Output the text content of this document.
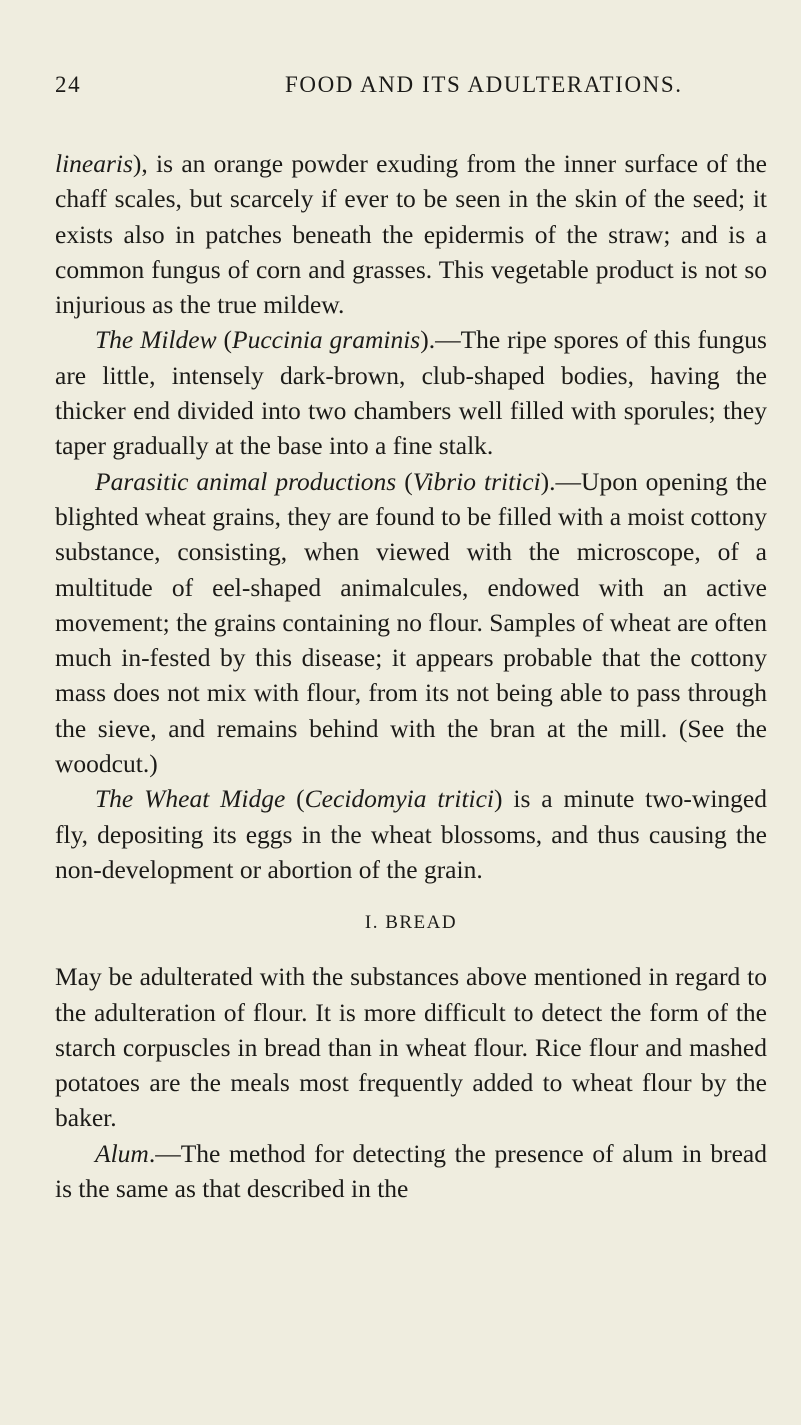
24	FOOD AND ITS ADULTERATIONS.

linearis), is an orange powder exuding from the inner surface of the chaff scales, but scarcely if ever to be seen in the skin of the seed; it exists also in patches beneath the epidermis of the straw; and is a common fungus of corn and grasses. This vegetable product is not so injurious as the true mildew.

The Mildew (Puccinia graminis).—The ripe spores of this fungus are little, intensely dark-brown, club-shaped bodies, having the thicker end divided into two chambers well filled with sporules; they taper gradually at the base into a fine stalk.

Parasitic animal productions (Vibrio tritici).—Upon opening the blighted wheat grains, they are found to be filled with a moist cottony substance, consisting, when viewed with the microscope, of a multitude of eel-shaped animalcules, endowed with an active movement; the grains containing no flour. Samples of wheat are often much in-fested by this disease; it appears probable that the cottony mass does not mix with flour, from its not being able to pass through the sieve, and remains behind with the bran at the mill. (See the woodcut.)

The Wheat Midge (Cecidomyia tritici) is a minute two-winged fly, depositing its eggs in the wheat blossoms, and thus causing the non-development or abortion of the grain.

I. BREAD

May be adulterated with the substances above mentioned in regard to the adulteration of flour. It is more difficult to detect the form of the starch corpuscles in bread than in wheat flour. Rice flour and mashed potatoes are the meals most frequently added to wheat flour by the baker.

Alum.—The method for detecting the presence of alum in bread is the same as that described in the
